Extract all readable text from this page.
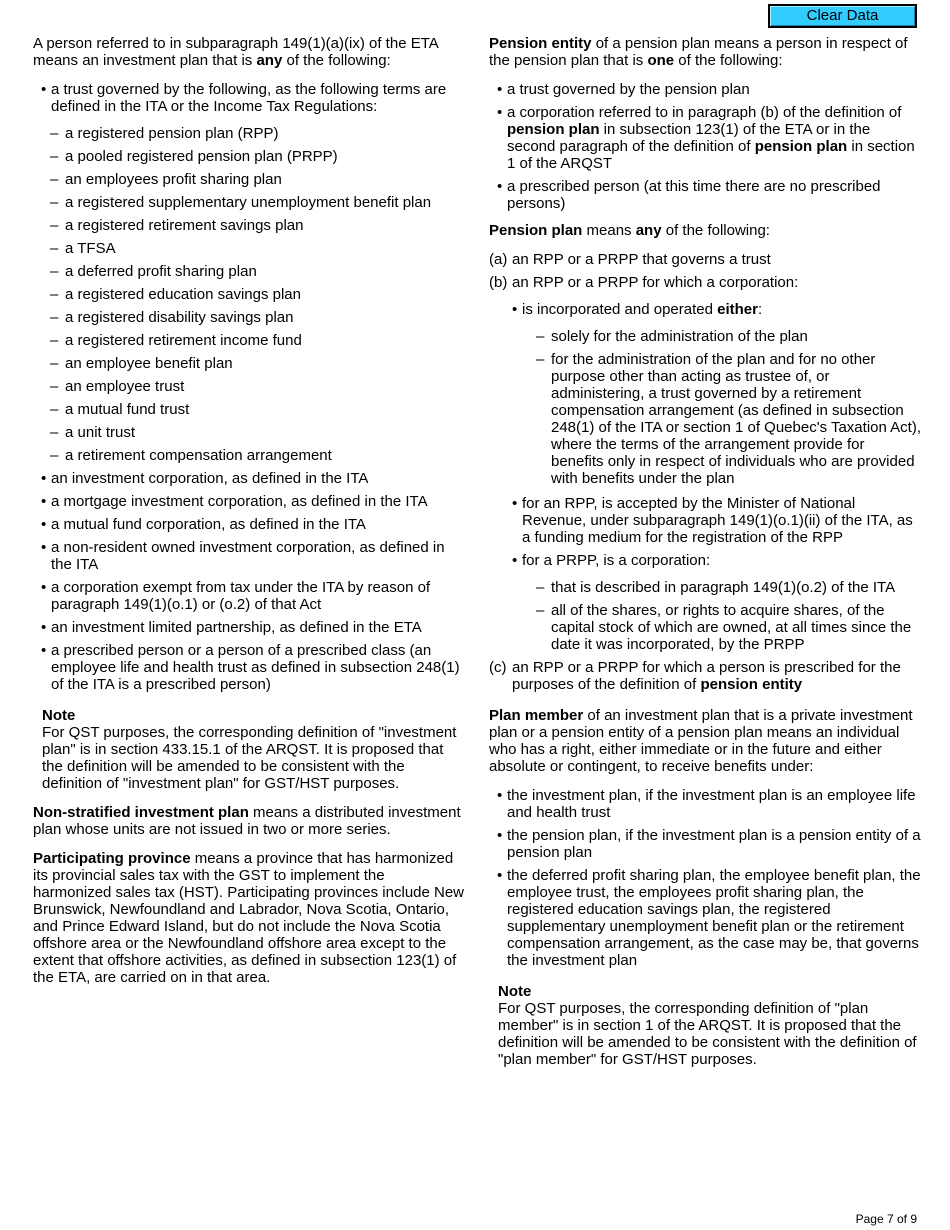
Clear Data

A person referred to in subparagraph 149(1)(a)(ix) of the ETA means an investment plan that is any of the following:

• a trust governed by the following, as the following terms are defined in the ITA or the Income Tax Regulations:
– a registered pension plan (RPP)
– a pooled registered pension plan (PRPP)
– an employees profit sharing plan
– a registered supplementary unemployment benefit plan
– a registered retirement savings plan
– a TFSA
– a deferred profit sharing plan
– a registered education savings plan
– a registered disability savings plan
– a registered retirement income fund
– an employee benefit plan
– an employee trust
– a mutual fund trust
– a unit trust
– a retirement compensation arrangement
• an investment corporation, as defined in the ITA
• a mortgage investment corporation, as defined in the ITA
• a mutual fund corporation, as defined in the ITA
• a non-resident owned investment corporation, as defined in the ITA
• a corporation exempt from tax under the ITA by reason of paragraph 149(1)(o.1) or (o.2) of that Act
• an investment limited partnership, as defined in the ETA
• a prescribed person or a person of a prescribed class (an employee life and health trust as defined in subsection 248(1) of the ITA is a prescribed person)
Note

For QST purposes, the corresponding definition of "investment plan" is in section 433.15.1 of the ARQST. It is proposed that the definition will be amended to be consistent with the definition of "investment plan" for GST/HST purposes.

Non-stratified investment plan means a distributed investment plan whose units are not issued in two or more series.

Participating province means a province that has harmonized its provincial sales tax with the GST to implement the harmonized sales tax (HST). Participating provinces include New Brunswick, Newfoundland and Labrador, Nova Scotia, Ontario, and Prince Edward Island, but do not include the Nova Scotia offshore area or the Newfoundland offshore area except to the extent that offshore activities, as defined in subsection 123(1) of the ETA, are carried on in that area.

Pension entity of a pension plan means a person in respect of the pension plan that is one of the following:

• a trust governed by the pension plan
• a corporation referred to in paragraph (b) of the definition of pension plan in subsection 123(1) of the ETA or in the second paragraph of the definition of pension plan in section 1 of the ARQST
• a prescribed person (at this time there are no prescribed persons)

Pension plan means any of the following:

(a) an RPP or a PRPP that governs a trust
(b) an RPP or a PRPP for which a corporation:
• is incorporated and operated either:
– solely for the administration of the plan
– for the administration of the plan and for no other purpose other than acting as trustee of, or administering, a trust governed by a retirement compensation arrangement (as defined in subsection 248(1) of the ITA or section 1 of Quebec's Taxation Act), where the terms of the arrangement provide for benefits only in respect of individuals who are provided with benefits under the plan
• for an RPP, is accepted by the Minister of National Revenue, under subparagraph 149(1)(o.1)(ii) of the ITA, as a funding medium for the registration of the RPP
• for a PRPP, is a corporation:
– that is described in paragraph 149(1)(o.2) of the ITA
– all of the shares, or rights to acquire shares, of the capital stock of which are owned, at all times since the date it was incorporated, by the PRPP
(c) an RPP or a PRPP for which a person is prescribed for the purposes of the definition of pension entity

Plan member of an investment plan that is a private investment plan or a pension entity of a pension plan means an individual who has a right, either immediate or in the future and either absolute or contingent, to receive benefits under:

• the investment plan, if the investment plan is an employee life and health trust
• the pension plan, if the investment plan is a pension entity of a pension plan
• the deferred profit sharing plan, the employee benefit plan, the employee trust, the employees profit sharing plan, the registered education savings plan, the registered supplementary unemployment benefit plan or the retirement compensation arrangement, as the case may be, that governs the investment plan
Note

For QST purposes, the corresponding definition of "plan member" is in section 1 of the ARQST. It is proposed that the definition will be amended to be consistent with the definition of "plan member" for GST/HST purposes.

Page 7 of 9
